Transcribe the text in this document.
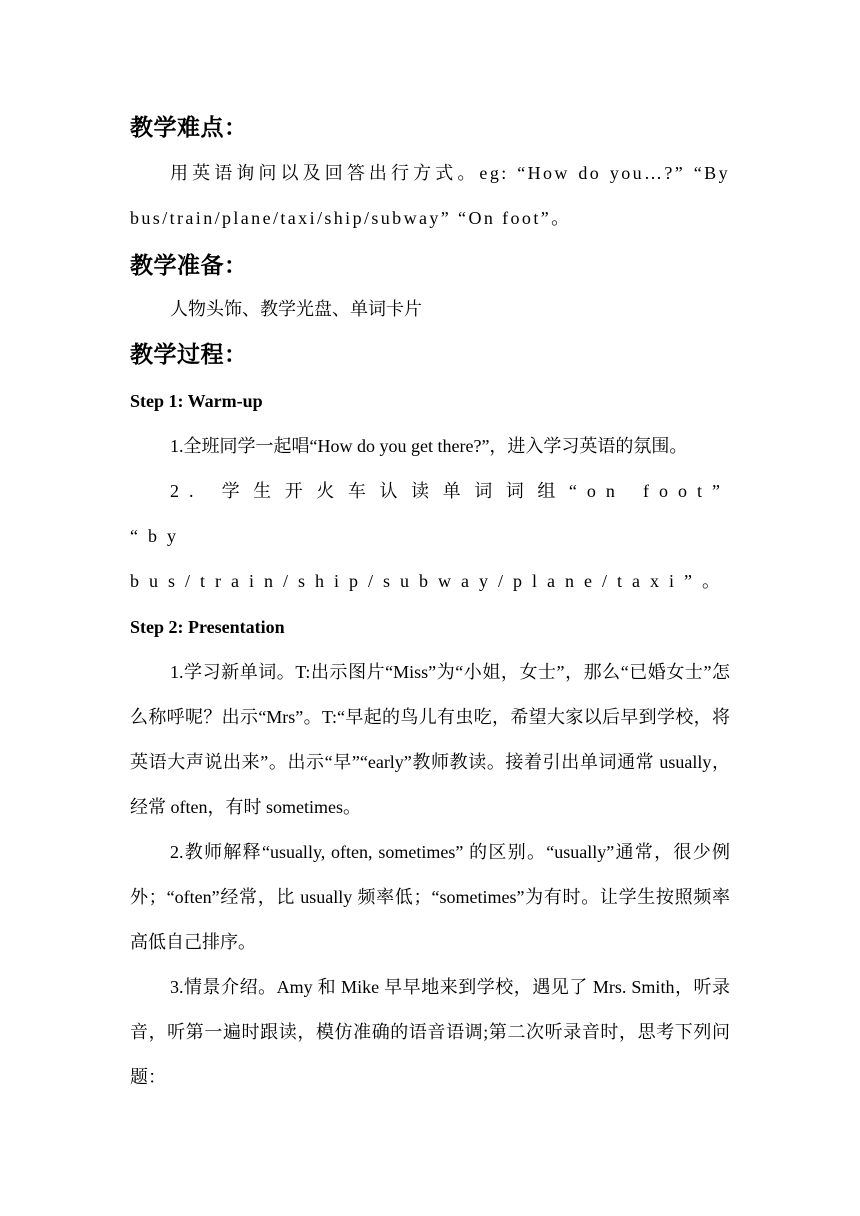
教学难点：

用英语询问以及回答出行方式。eg: “How do you…?” “By bus/train/plane/taxi/ship/subway” “On foot”。

教学准备：

人物头饰、教学光盘、单词卡片

教学过程：
Step 1: Warm-up

1.全班同学一起唱“How do you get there?”，进入学习英语的氛围。

2. 学生开火车认读单词词组“on foot” “by bus/train/ship/subway/plane/taxi”。

Step 2: Presentation

1.学习新单词。T:出示图片“Miss”为“小姐，女士”，那么“已婚女士”怎么称呼呢？出示“Mrs”。T:“早起的鸟儿有虫吃，希望大家以后早到学校，将英语大声说出来”。出示“早”“early”教师教读。接着引出单词通常 usually，经常 often，有时 sometimes。

2.教师解释“usually, often, sometimes” 的区别。“usually”通常，很少例外；“often”经常，比 usually 频率低；“sometimes”为有时。让学生按照频率高低自己排序。

3.情景介绍。Amy 和 Mike 早早地来到学校，遇见了 Mrs. Smith，听录音，听第一遍时跟读，模仿准确的语音语调;第二次听录音时，思考下列问题：
